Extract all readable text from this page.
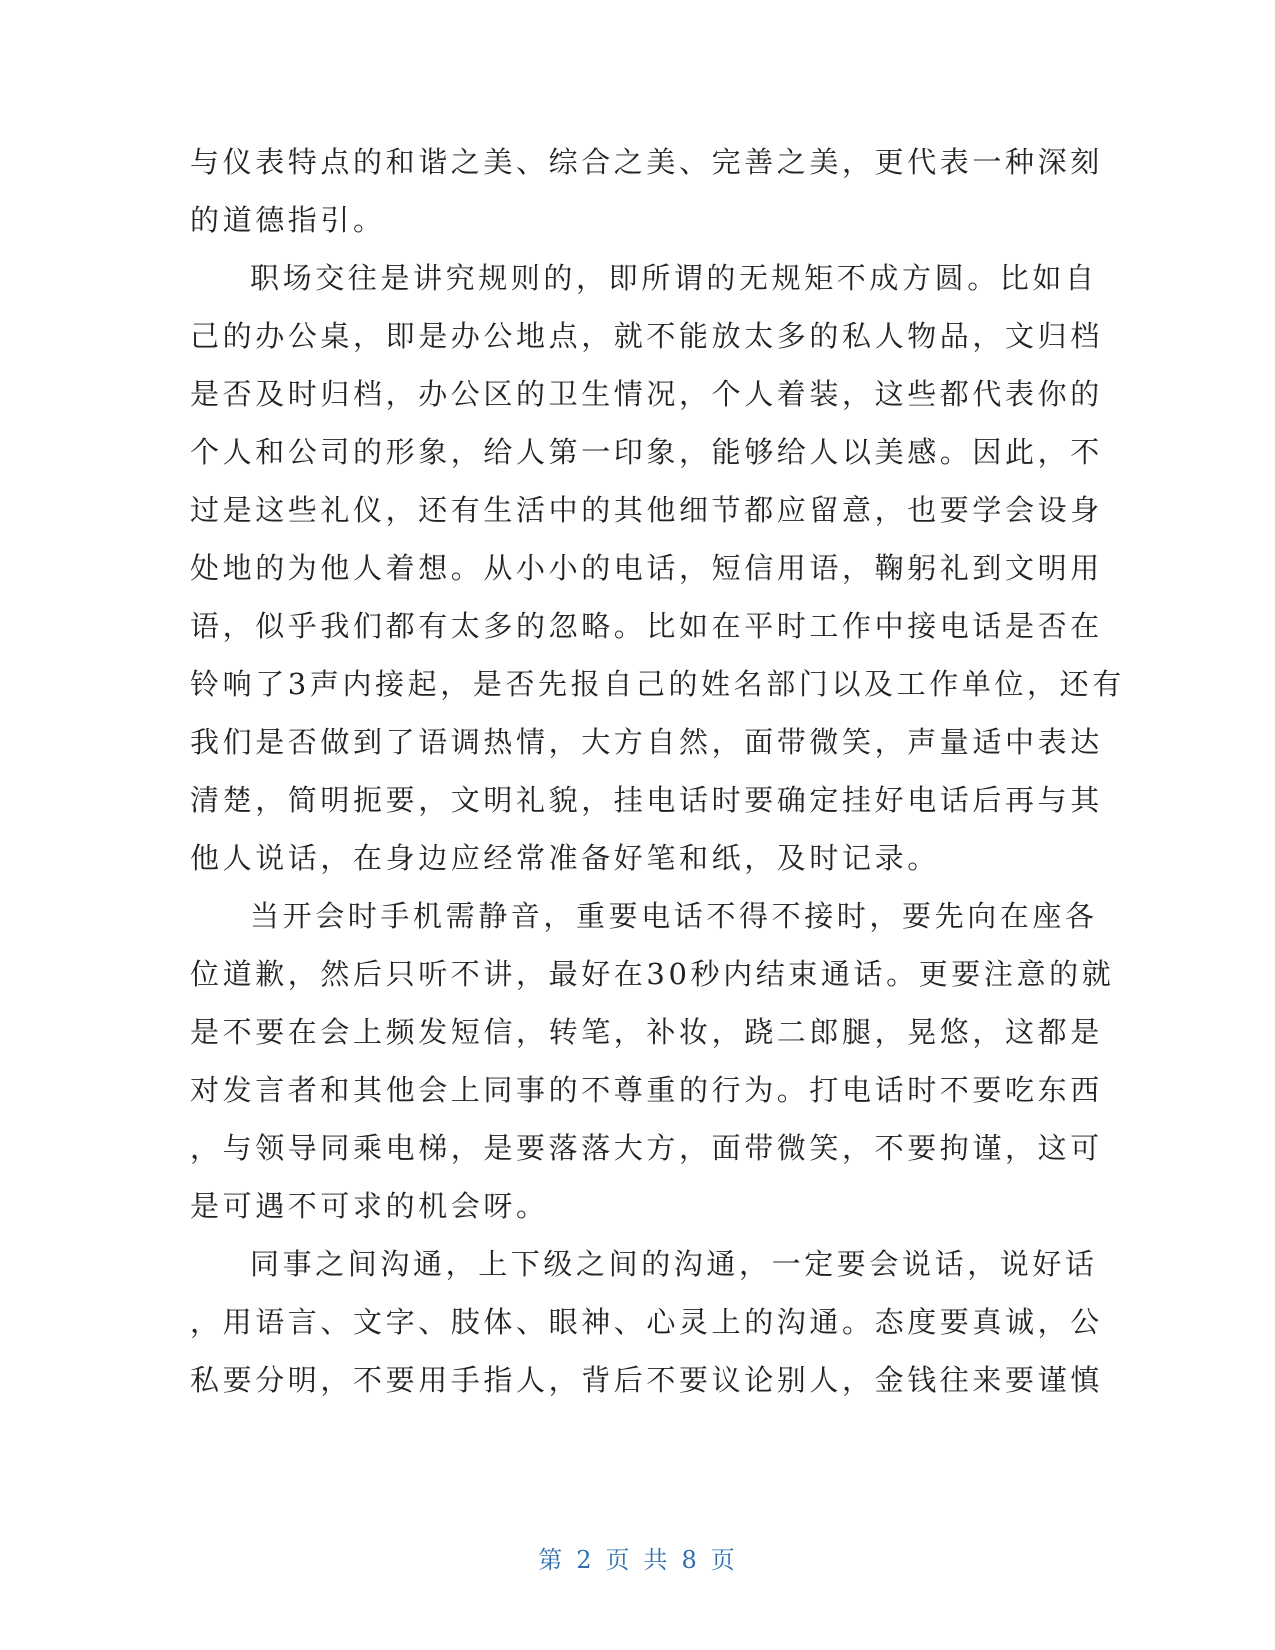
与仪表特点的和谐之美、综合之美、完善之美，更代表一种深刻
的道德指引。
职场交往是讲究规则的，即所谓的无规矩不成方圆。比如自
己的办公桌，即是办公地点，就不能放太多的私人物品，文归档
是否及时归档，办公区的卫生情况，个人着装，这些都代表你的
个人和公司的形象，给人第一印象，能够给人以美感。因此，不
过是这些礼仪，还有生活中的其他细节都应留意，也要学会设身
处地的为他人着想。从小小的电话，短信用语，鞠躬礼到文明用
语，似乎我们都有太多的忽略。比如在平时工作中接电话是否在
铃响了3声内接起，是否先报自己的姓名部门以及工作单位，还有
我们是否做到了语调热情，大方自然，面带微笑，声量适中表达
清楚，简明扼要，文明礼貌，挂电话时要确定挂好电话后再与其
他人说话，在身边应经常准备好笔和纸，及时记录。
当开会时手机需静音，重要电话不得不接时，要先向在座各
位道歉，然后只听不讲，最好在30秒内结束通话。更要注意的就
是不要在会上频发短信，转笔，补妆，跷二郎腿，晃悠，这都是
对发言者和其他会上同事的不尊重的行为。打电话时不要吃东西
，与领导同乘电梯，是要落落大方，面带微笑，不要拘谨，这可
是可遇不可求的机会呀。
同事之间沟通，上下级之间的沟通，一定要会说话，说好话
，用语言、文字、肢体、眼神、心灵上的沟通。态度要真诚，公
私要分明，不要用手指人，背后不要议论别人，金钱往来要谨慎
第 2 页 共 8 页
